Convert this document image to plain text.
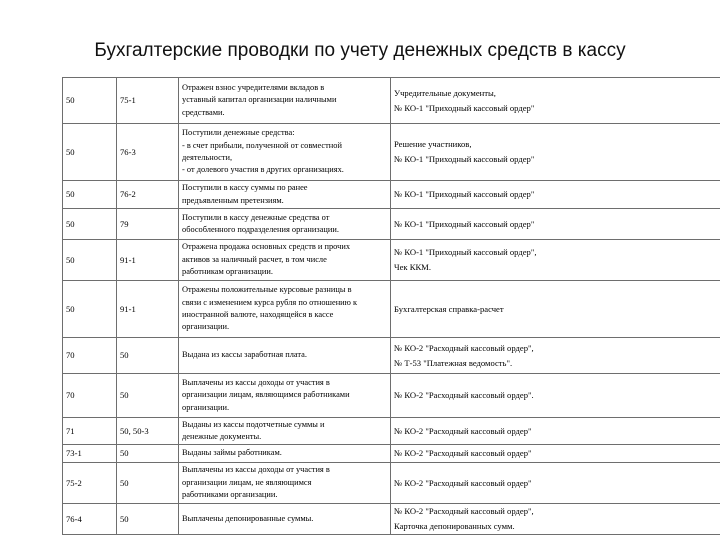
Бухгалтерские проводки по учету денежных средств в кассу
50	75-1	Отражен взнос учредителями вкладов в
уставный капитал организации наличными
средствами.	Учредительные документы,
№ КО-1 "Приходный кассовый ордер"

50	76-3	Поступили денежные средства:
- в счет прибыли, полученной от совместной
деятельности,
- от долевого участия в других организациях.	Решение участников,
№ КО-1 "Приходный кассовый ордер"

50	76-2	Поступили в кассу суммы по ранее
предъявленным претензиям.	№ КО-1 "Приходный кассовый ордер"

50	79	Поступили в кассу денежные средства от
обособленного подразделения организации.	№ КО-1 "Приходный кассовый ордер"

50	91-1	Отражена продажа основных средств и прочих
активов за наличный расчет, в том числе
работникам организации.	№ КО-1 "Приходный кассовый ордер",
Чек ККМ.

50	91-1	Отражены положительные курсовые разницы в
связи с изменением курса рубля по отношению к
иностранной валюте, находящейся в кассе
организации.	Бухгалтерская справка-расчет

70	50	Выдана из кассы заработная плата.	№ КО-2 "Расходный кассовый ордер",
№ Т-53 "Платежная ведомость".

70	50	Выплачены из кассы доходы от участия в
организации лицам, являющимся работниками
организации.	№ КО-2 "Расходный кассовый ордер".

71	50, 50-3	Выданы из кассы подотчетные суммы и
денежные документы.	№ КО-2 "Расходный кассовый ордер"

73-1	50	Выданы займы работникам.	№ КО-2 "Расходный кассовый ордер"

75-2	50	Выплачены из кассы доходы от участия в
организации лицам, не являющимся
работниками организации.	№ КО-2 "Расходный кассовый ордер"

76-4	50	Выплачены депонированные суммы.	№ КО-2 "Расходный кассовый ордер",
Карточка депонированных сумм.
